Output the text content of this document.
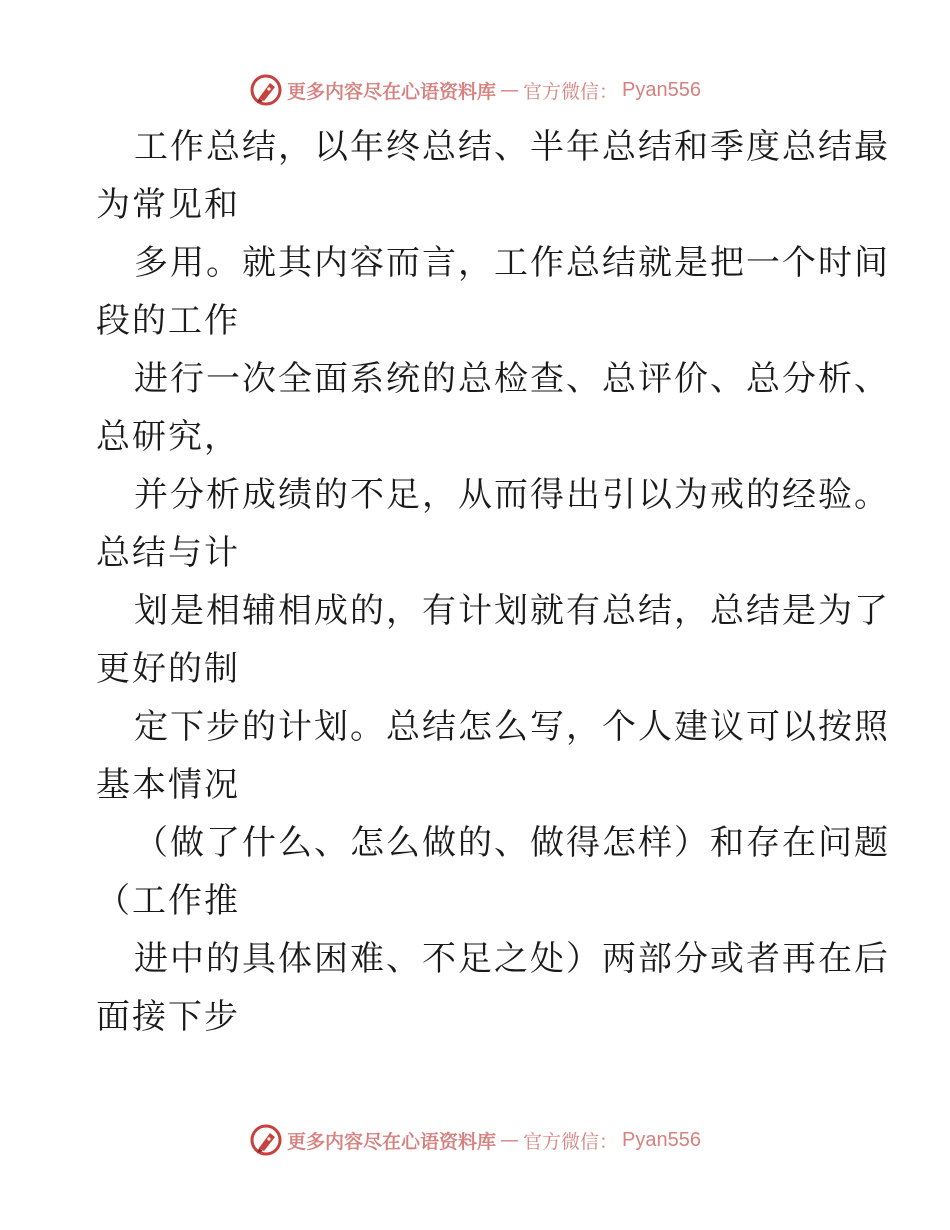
更多内容尽在心语资料库 — 官方微信： Pyan556
工作总结，以年终总结、半年总结和季度总结最
为常见和
多用。就其内容而言，工作总结就是把一个时间
段的工作
进行一次全面系统的总检查、总评价、总分析、
总研究，
并分析成绩的不足，从而得出引以为戒的经验。
总结与计
划是相辅相成的，有计划就有总结，总结是为了
更好的制
定下步的计划。总结怎么写，个人建议可以按照
基本情况
（做了什么、怎么做的、做得怎样）和存在问题
（工作推
进中的具体困难、不足之处）两部分或者再在后
面接下步
更多内容尽在心语资料库 — 官方微信： Pyan556
